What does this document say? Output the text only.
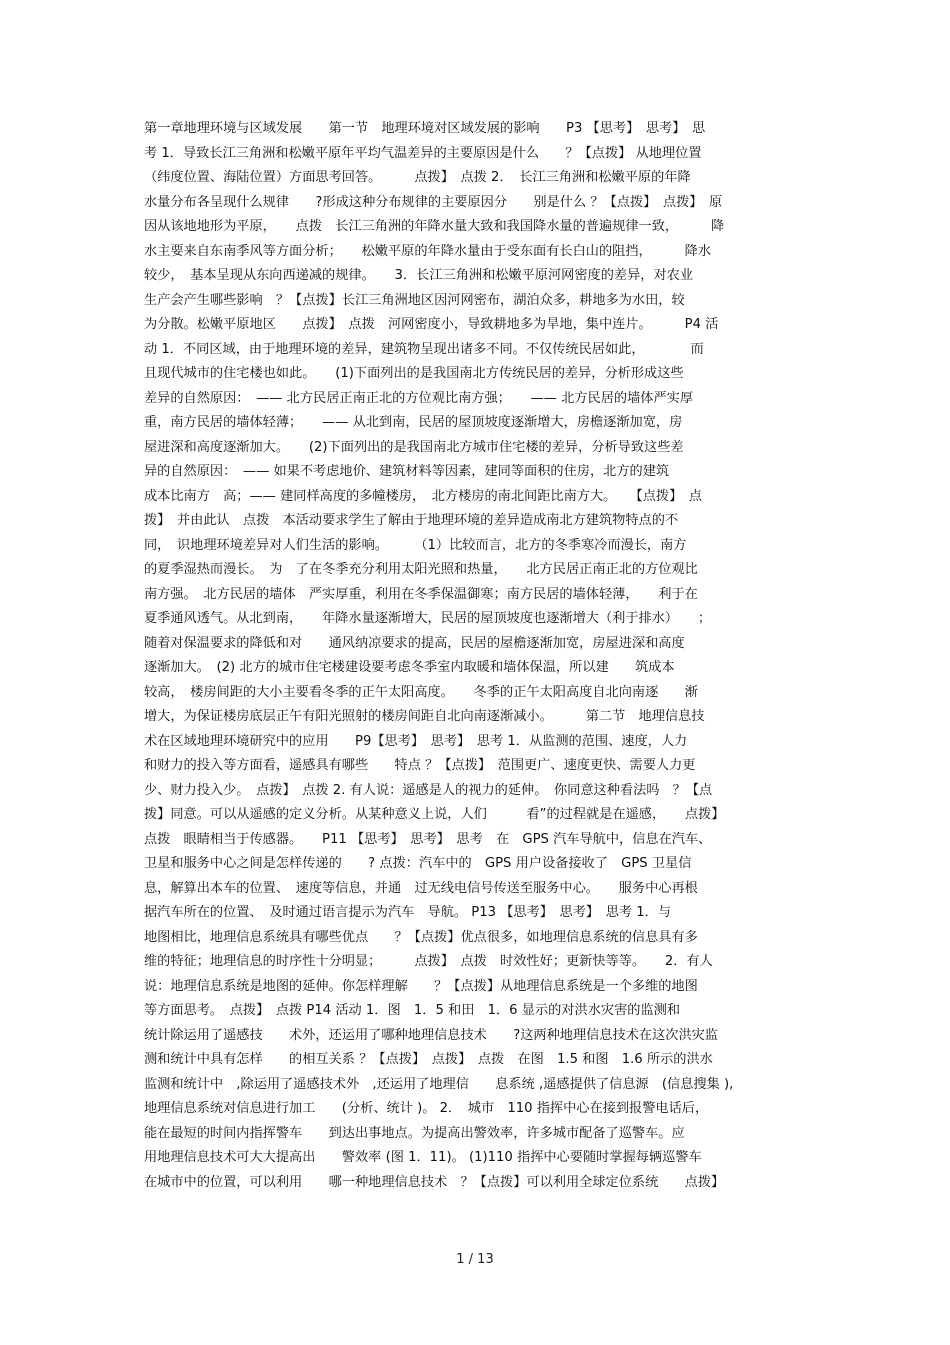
第一章地理环境与区域发展　　第一节　地理环境对区域发展的影响　　P3 【思考】　思考】　思
考 1．导致长江三角洲和松嫩平原年平均气温差异的主要原因是什么　　？【点拨】 从地理位置
（纬度位置、海陆位置）方面思考回答。　　　点拨】　点拨 2．　长江三角洲和松嫩平原的年降
水量分布各呈现什么规律　　?形成这种分布规律的主要原因分　　别是什么 ？【点拨】　点拨】　原
因从该地地形为平原，　　点拨　长江三角洲的年降水量大致和我国降水量的普遍规律一致，　　　降
水主要来自东南季风等方面分析；　　松嫩平原的年降水量由于受东面有长白山的阻挡，　　　降水
较少，　基本呈现从东向西递减的规律。　　3．长江三角洲和松嫩平原河网密度的差异，对农业
生产会产生哪些影响　？【点拨】长江三角洲地区因河网密布，湖泊众多，耕地多为水田，较
为分散。松嫩平原地区　　点拨】　点拨　河网密度小，导致耕地多为旱地，集中连片。　　　P4 活
动 1．不同区域，由于地理环境的差异，建筑物呈现出诸多不同。不仅传统民居如此，　　　　而
且现代城市的住宅楼也如此。　　(1)下面列出的是我国南北方传统民居的差异，分析形成这些
差异的自然原因：　—— 北方民居正南正北的方位观比南方强；　　—— 北方民居的墙体严实厚
重，南方民居的墙体轻薄；　　—— 从北到南，民居的屋顶坡度逐渐增大，房檐逐渐加宽，房
屋进深和高度逐渐加大。　　(2)下面列出的是我国南北方城市住宅楼的差异，分析导致这些差
异的自然原因：　—— 如果不考虑地价、建筑材料等因素，建同等面积的住房，北方的建筑
成本比南方　高；—— 建同样高度的多幢楼房，　北方楼房的南北间距比南方大。　　【点拨】　点
拨】　并由此认　点拨　本活动要求学生了解由于地理环境的差异造成南北方建筑物特点的不
同，　识地理环境差异对人们生活的影响。　　　（1）比较而言，北方的冬季寒冷而漫长，南方
的夏季湿热而漫长。　为　了在冬季充分利用太阳光照和热量，　　北方民居正南正北的方位观比
南方强。　北方民居的墙体　严实厚重，利用在冬季保温御寒；南方民居的墙体轻薄，　　利于在
夏季通风透气。从北到南，　　年降水量逐渐增大，民居的屋顶坡度也逐渐增大（利于排水）　　；
随着对保温要求的降低和对　　通风纳凉要求的提高，民居的屋檐逐渐加宽，房屋进深和高度
逐渐加大。　(2) 北方的城市住宅楼建设要考虑冬季室内取暖和墙体保温，所以建　　筑成本
较高，　楼房间距的大小主要看冬季的正午太阳高度。　　冬季的正午太阳高度自北向南逐　　渐
增大，为保证楼房底层正午有阳光照射的楼房间距自北向南逐渐减小。　　　第二节　地理信息技
术在区域地理环境研究中的应用　　P9【思考】　思考】　思考 1．从监测的范围、速度，人力
和财力的投入等方面看，遥感具有哪些　　特点 ？【点拨】　范围更广、速度更快、需要人力更
少、财力投入少。　点拨】　点拨 2. 有人说：遥感是人的视力的延伸。　你同意这种看法吗　？【点
拨】同意。可以从遥感的定义分析。从某种意义上说，人们　　　看”的过程就是在遥感，　　点拨】
点拨　眼睛相当于传感器。　　P11 【思考】　思考】　思考　在　GPS 汽车导航中，信息在汽车、
卫星和服务中心之间是怎样传递的　　? 点拨：汽车中的　GPS 用户设备接收了　GPS 卫星信
息，解算出本车的位置、　速度等信息，并通　过无线电信号传送至服务中心。　　服务中心再根
据汽车所在的位置、　及时通过语言提示为汽车　导航。 P13 【思考】　思考】　思考 1．与
地图相比，地理信息系统具有哪些优点　　？【点拨】优点很多，如地理信息系统的信息具有多
维的特征；地理信息的时序性十分明显；　　　点拨】　点拨　时效性好；更新快等等。　　2．有人
说：地理信息系统是地图的延伸。你怎样理解　　？【点拨】从地理信息系统是一个多维的地图
等方面思考。　点拨】　点拨 P14 活动 1．图　1．5 和田　1．6 显示的对洪水灾害的监测和
统计除运用了遥感技　　术外，还运用了哪种地理信息技术　　?这两种地理信息技术在这次洪灾监
测和统计中具有怎样　　的相互关系 ？【点拨】　点拨】　点拨　在图　1.5 和图　1.6 所示的洪水
监测和统计中　,除运用了遥感技术外　,还运用了地理信　　息系统 ,遥感提供了信息源　(信息搜集 ),
地理信息系统对信息进行加工　　(分析、统计 )。 2．　城市　110 指挥中心在接到报警电话后，
能在最短的时间内指挥警车　　到达出事地点。为提高出警效率，许多城市配备了巡警车。应
用地理信息技术可大大提高出　　警效率 (图 1．11)。 (1)110 指挥中心要随时掌握每辆巡警车
在城市中的位置，可以利用　　哪一种地理信息技术　？【点拨】可以利用全球定位系统　　点拨】
1 / 13
